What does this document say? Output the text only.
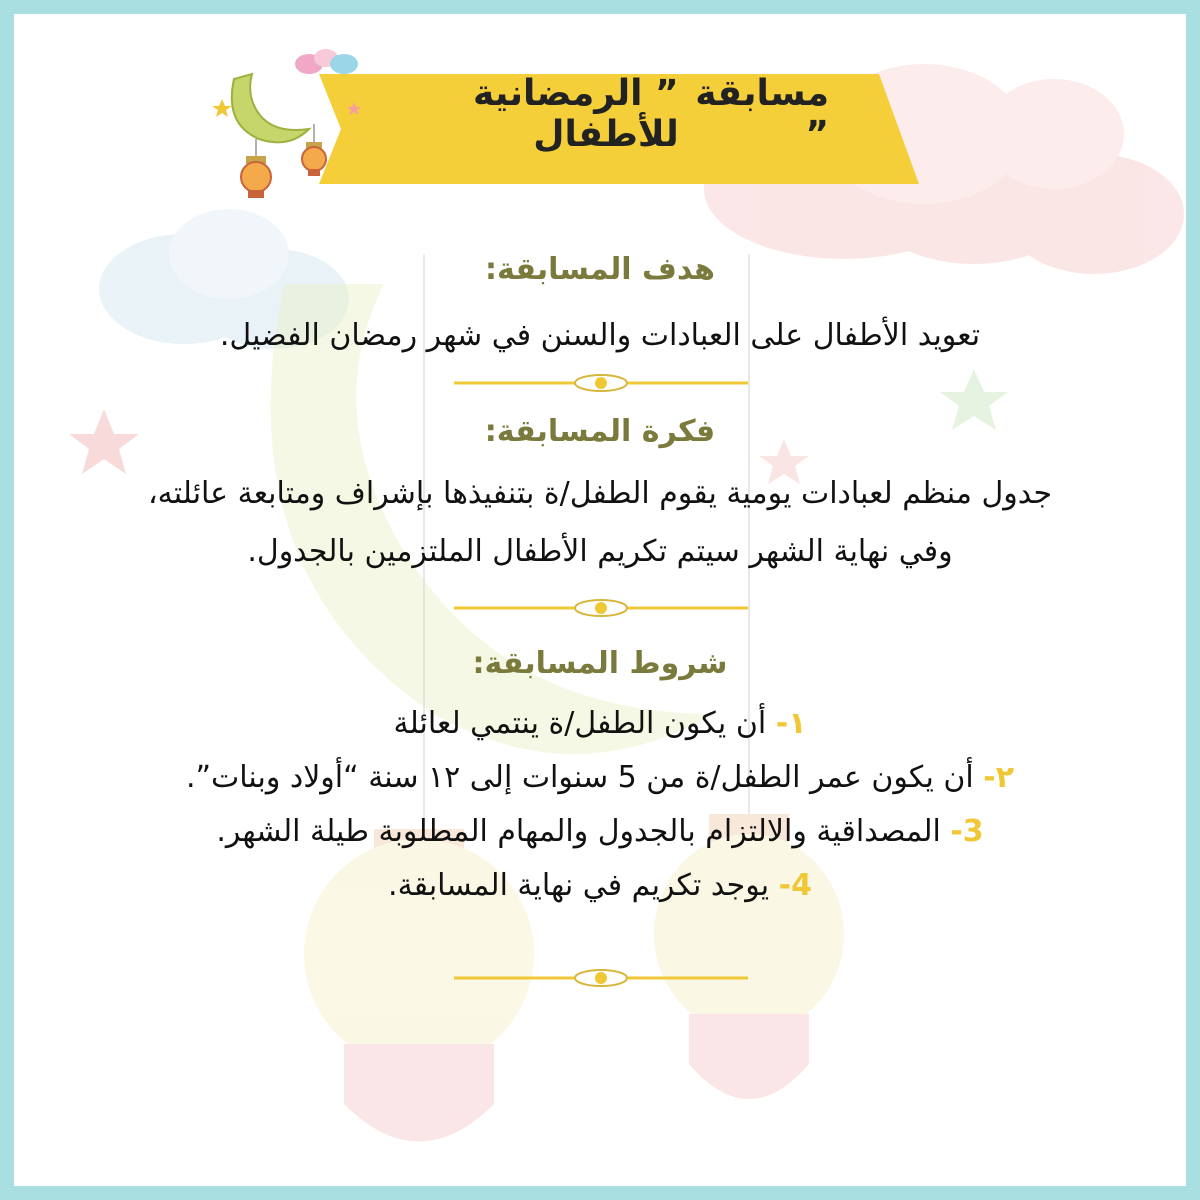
مسابقة ”
” الرمضانية للأطفال
هدف المسابقة:
تعويد الأطفال على العبادات والسنن في شهر رمضان الفضيل.
فكرة المسابقة:
جدول منظم لعبادات يومية يقوم الطفل/ة بتنفيذها بإشراف ومتابعة عائلته،
وفي نهاية الشهر سيتم تكريم الأطفال الملتزمين بالجدول.
شروط المسابقة:
١- أن يكون الطفل/ة ينتمي لعائلة
٢- أن يكون عمر الطفل/ة من 5 سنوات إلى ١٢ سنة “أولاد وبنات”.
3- المصداقية والالتزام بالجدول والمهام المطلوبة طيلة الشهر.
4- يوجد تكريم في نهاية المسابقة.
